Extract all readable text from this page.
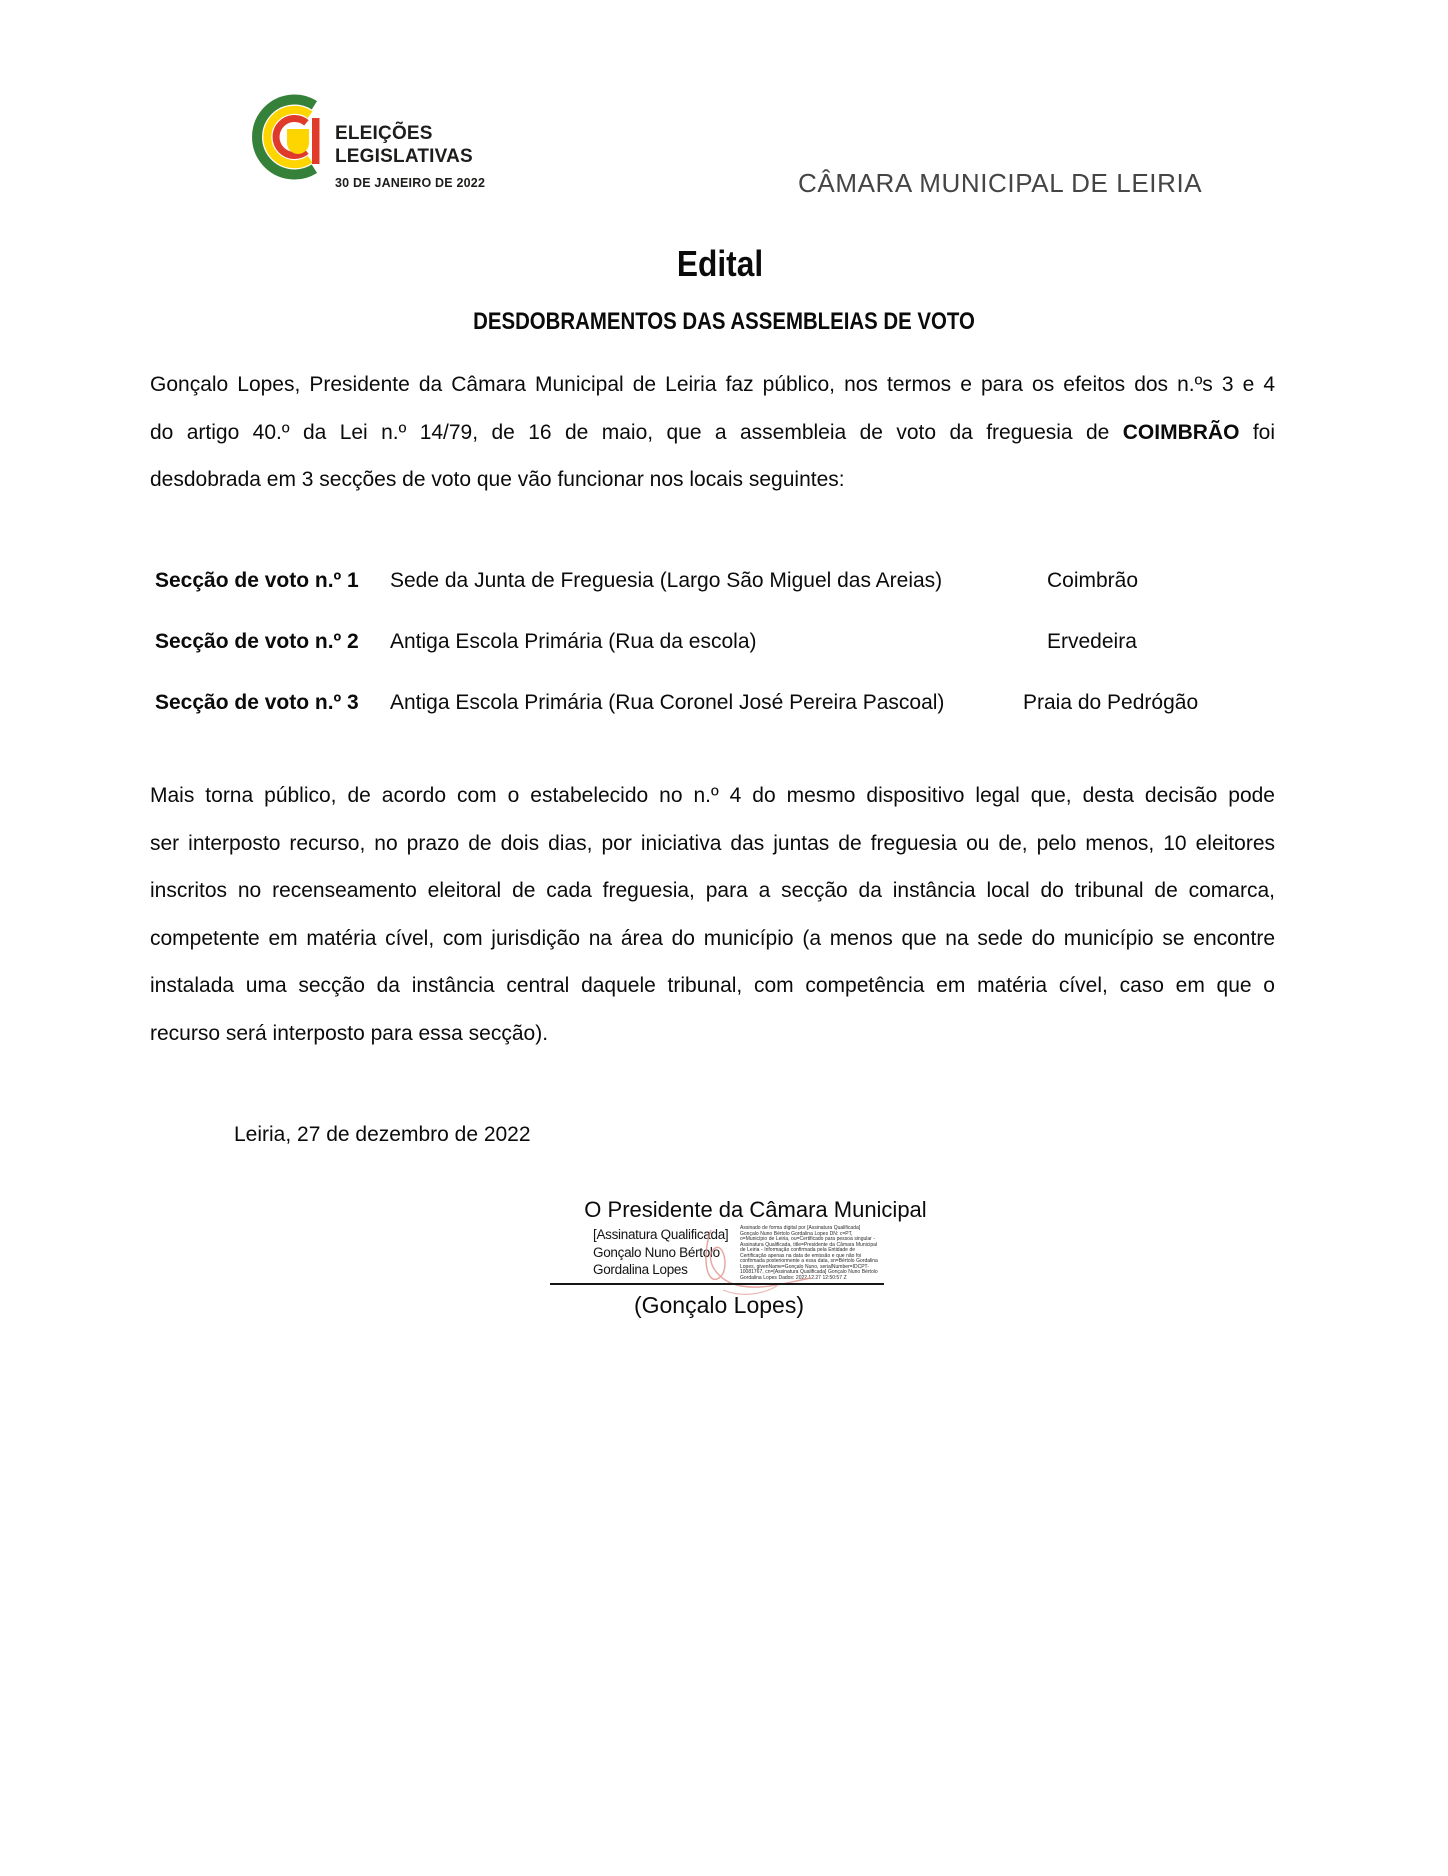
ELEIÇÕES
LEGISLATIVAS
30 DE JANEIRO DE 2022	CÂMARA MUNICIPAL DE LEIRIA
Edital
DESDOBRAMENTOS DAS ASSEMBLEIAS DE VOTO
Gonçalo Lopes, Presidente da Câmara Municipal de Leiria faz público, nos termos e para os efeitos dos n.ºs 3 e 4
do artigo 40.º da Lei n.º 14/79, de 16 de maio, que a assembleia de voto da freguesia de COIMBRÃO foi
desdobrada em 3 secções de voto que vão funcionar nos locais seguintes:
Secção de voto n.º 1 Sede da Junta de Freguesia (Largo São Miguel das Areias)	Coimbrão
Secção de voto n.º 2 Antiga Escola Primária (Rua da escola)	Ervedeira
Secção de voto n.º 3 Antiga Escola Primária (Rua Coronel José Pereira Pascoal)	Praia do Pedrógão
Mais torna público, de acordo com o estabelecido no n.º 4 do mesmo dispositivo legal que, desta decisão pode
ser interposto recurso, no prazo de dois dias, por iniciativa das juntas de freguesia ou de, pelo menos, 10 eleitores
inscritos no recenseamento eleitoral de cada freguesia, para a secção da instância local do tribunal de comarca,
competente em matéria cível, com jurisdição na área do município (a menos que na sede do município se encontre
instalada uma secção da instância central daquele tribunal, com competência em matéria cível, caso em que o
recurso será interposto para essa secção).
Leiria, 27 de dezembro de 2022
O Presidente da Câmara Municipal
[Assinatura Qualificada]
Gonçalo Nuno Bértolo
Gordalina Lopes
Assinado de forma digital por [Assinatura Qualificada] Gonçalo Nuno Bértolo Gordalina Lopes DN: c=PT, o=Município de Leiria, ou=Certificado para pessoa singular - Assinatura Qualificada, title=Presidente da Câmara Municipal de Leiria - Informação confirmada pela Entidade de Certificação apenas na data de emissão e que não foi confirmada posteriormente a essa data, sn=Bértolo Gordalina Lopes, givenName=Gonçalo Nuno, serialNumber=IDCPT-10081767, cn=[Assinatura Qualificada] Gonçalo Nuno Bértolo Gordalina Lopes Dados: 2022.12.27 12:50:57 Z
(Gonçalo Lopes)
